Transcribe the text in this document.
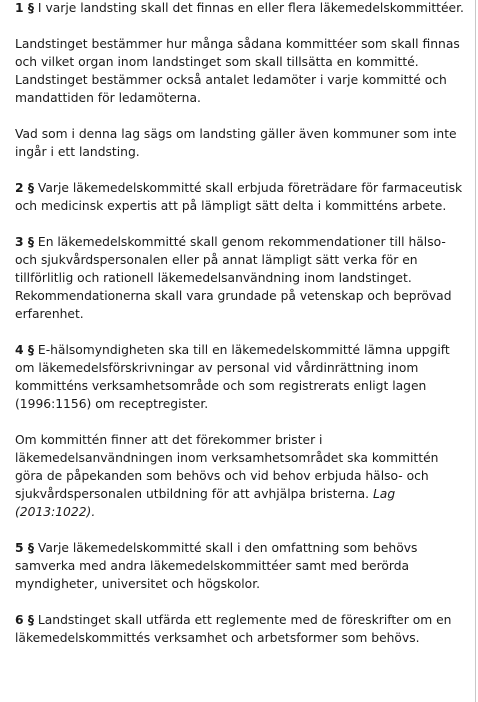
1 § I varje landsting skall det finnas en eller flera läkemedelskommittéer.

Landstinget bestämmer hur många sådana kommittéer som skall finnas och vilket organ inom landstinget som skall tillsätta en kommitté. Landstinget bestämmer också antalet ledamöter i varje kommitté och mandattiden för ledamöterna.

Vad som i denna lag sägs om landsting gäller även kommuner som inte ingår i ett landsting.

2 § Varje läkemedelskommitté skall erbjuda företrädare för farmaceutisk och medicinsk expertis att på lämpligt sätt delta i kommitténs arbete.

3 § En läkemedelskommitté skall genom rekommendationer till hälso- och sjukvårdspersonalen eller på annat lämpligt sätt verka för en tillförlitlig och rationell läkemedelsanvändning inom landstinget. Rekommendationerna skall vara grundade på vetenskap och beprövad erfarenhet.

4 § E-hälsomyndigheten ska till en läkemedelskommitté lämna uppgift om läkemedelsförskrivningar av personal vid vårdinrättning inom kommitténs verksamhetsområde och som registrerats enligt lagen (1996:1156) om receptregister.

Om kommittén finner att det förekommer brister i läkemedelsanvändningen inom verksamhetsområdet ska kommittén göra de påpekanden som behövs och vid behov erbjuda hälso- och sjukvårdspersonalen utbildning för att avhjälpa bristerna. Lag (2013:1022).

5 § Varje läkemedelskommitté skall i den omfattning som behövs samverka med andra läkemedelskommittéer samt med berörda myndigheter, universitet och högskolor.

6 § Landstinget skall utfärda ett reglemente med de föreskrifter om en läkemedelskommittés verksamhet och arbetsformer som behövs.
